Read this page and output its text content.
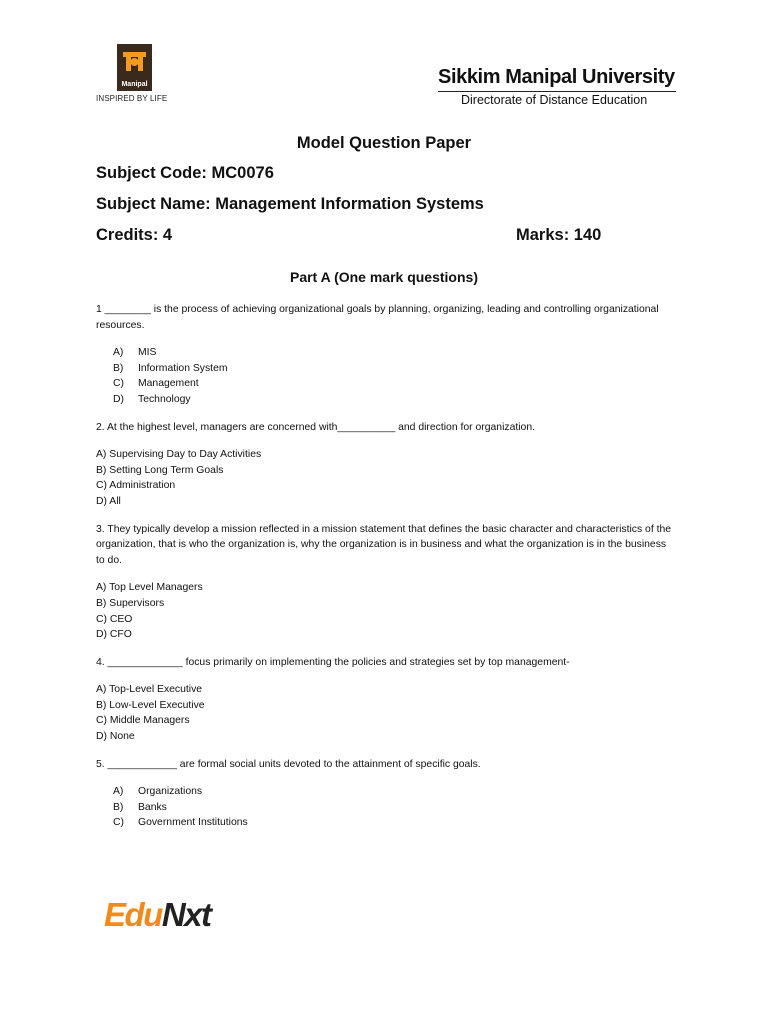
Manipal
INSPIRED BY LIFE
Sikkim Manipal University
Directorate of Distance Education
Model Question Paper
Subject Code: MC0076
Subject Name: Management Information Systems
Credits: 4	Marks: 140
Part A (One mark questions)

1 ________ is the process of achieving organizational goals by planning, organizing, leading and controlling organizational resources.

A) MIS
B) Information System
C) Management
D) Technology

2. At the highest level, managers are concerned with__________ and direction for organization.

A) Supervising Day to Day Activities
B) Setting Long Term Goals
C) Administration
D) All

3. They typically develop a mission reflected in a mission statement that defines the basic character and characteristics of the organization, that is who the organization is, why the organization is in business and what the organization is in the business to do.

A) Top Level Managers
B) Supervisors
C) CEO
D) CFO

4. _____________ focus primarily on implementing the policies and strategies set by top management-

A) Top-Level Executive
B) Low-Level Executive
C) Middle Managers
D) None

5. ____________ are formal social units devoted to the attainment of specific goals.

A) Organizations
B) Banks
C) Government Institutions
EduNxt
